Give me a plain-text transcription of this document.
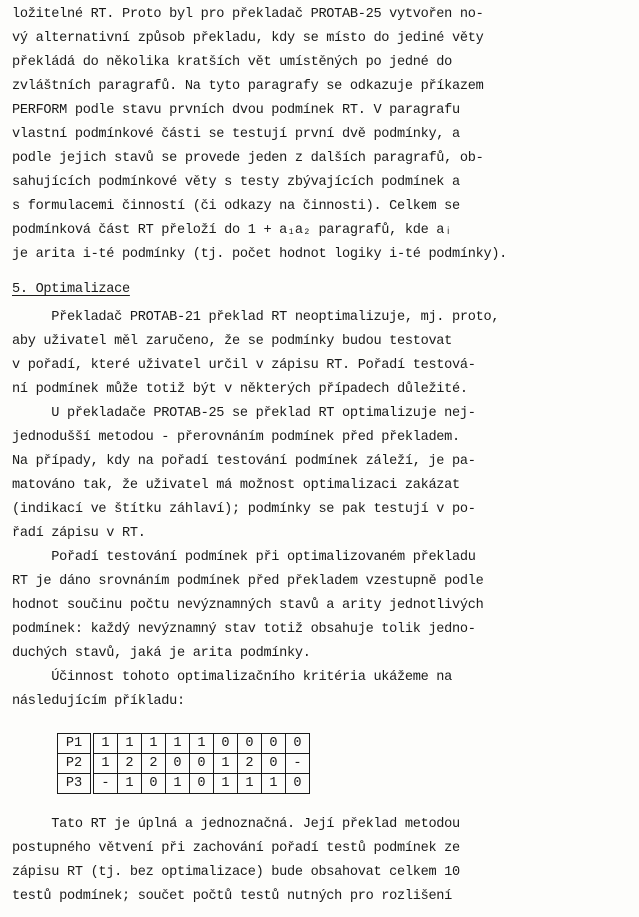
ložitelné RT. Proto byl pro překladač PROTAB-25 vytvořen no-
vý alternativní způsob překladu, kdy se místo do jediné věty
překládá do několika kratších vět umístěných po jedné do
zvláštních paragrafů. Na tyto paragrafy se odkazuje příkazem
PERFORM podle stavu prvních dvou podmínek RT. V paragrafu
vlastní podmínkové části se testují první dvě podmínky, a
podle jejich stavů se provede jeden z dalších paragrafů, ob-
sahujících podmínkové věty s testy zbývajících podmínek a
s formulacemi činností (či odkazy na činnosti). Celkem se
podmínková část RT přeloží do 1 + a₁a₂ paragrafů, kde aᵢ
je arita i-té podmínky (tj. počet hodnot logiky i-té podmínky).
5. Optimalizace
Překladač PROTAB-21 překlad RT neoptimalizuje, mj. proto,
aby uživatel měl zaručeno, že se podmínky budou testovat
v pořadí, které uživatel určil v zápisu RT. Pořadí testová-
ní podmínek může totiž být v některých případech důležité.
U překladače PROTAB-25 se překlad RT optimalizuje nej-
jednodušší metodou - přerovnáním podmínek před překladem.
Na případy, kdy na pořadí testování podmínek záleží, je pa-
matováno tak, že uživatel má možnost optimalizaci zakázat
(indikací ve štítku záhlaví); podmínky se pak testují v po-
řadí zápisu v RT.
Pořadí testování podmínek při optimalizovaném překladu
RT je dáno srovnáním podmínek před překladem vzestupně podle
hodnot součinu počtu nevýznamných stavů a arity jednotlivých
podmínek: každý nevýznamný stav totiž obsahuje tolik jedno-
duchých stavů, jaká je arita podmínky.
Účinnost tohoto optimalizačního kritéria ukážeme na
následujícím příkladu:
P1	1	1	1	1	1	0	0	0	0
P2	1	2	2	0	0	1	2	0	-
P3	-	1	0	1	0	1	1	1	0
Tato RT je úplná a jednoznačná. Její překlad metodou
postupného větvení při zachování pořadí testů podmínek ze
zápisu RT (tj. bez optimalizace) bude obsahovat celkem 10
testů podmínek; součet počtů testů nutných pro rozlišení
